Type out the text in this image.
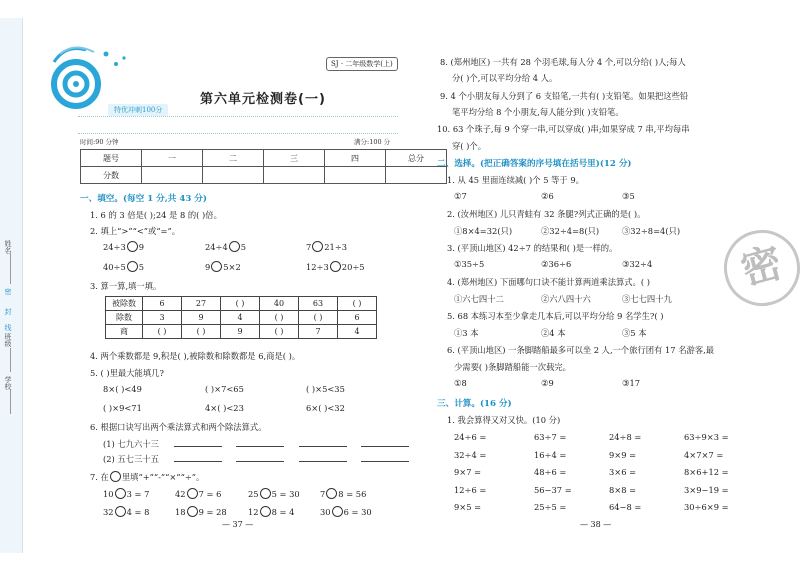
姓名
班级
学校
密
封
线
SJ · 二年级数学(上)
第六单元检测卷(一)
特优冲刺100分
时间:90 分钟	满分:100 分
题号	一	二	三	四	总分
分数					
一、填空。(每空 1 分,共 43 分)
1. 6 的 3 倍是( );24 是 8 的( )倍。
2. 填上“>”“<”或“=”。
24÷3 9	24÷4 5	7 21÷3
40÷5 5	9 5×2	12÷3 20÷5
3. 算一算,填一填。
被除数	6	27	( )	40	63	( )
除数	3	9	4	( )	( )	6
商	( )	( )	9	( )	7	4
4. 两个乘数都是 9,积是( ),被除数和除数都是 6,商是( )。
5. ( )里最大能填几?
8×( )<49	( )×7<65	( )×5<35
( )×9<71	4×( )<23	6×( )<32
6. 根据口诀写出两个乘法算式和两个除法算式。
(1) 七九六十三
(2) 五七三十五
7. 在 里填“+”“-”“×”“÷”。
10 3 = 7	42 7 = 6	25 5 = 30 7 8 = 56
32 4 = 8	18 9 = 28	12 8 = 4	30 6 = 30
— 37 —
8. (郑州地区) 一共有 28 个羽毛球,每人分 4 个,可以分给( )人;每人
分( )个,可以平均分给 4 人。
9. 4 个小朋友每人分到了 6 支铅笔,一共有( )支铅笔。如果把这些铅
笔平均分给 8 个小朋友,每人能分到( )支铅笔。
10. 63 个珠子,每 9 个穿一串,可以穿成( )串;如果穿成 7 串,平均每串
穿( )个。
二、选择。(把正确答案的序号填在括号里)(12 分)
1. 从 45 里面连续减( )个 5 等于 9。
①7	②6	③5
2. (汝州地区) 儿只青蛙有 32 条腿?列式正确的是( )。
①8×4=32(只)	②32÷4=8(只)	③32÷8=4(只)
3. (平顶山地区) 42÷7 的结果和( )是一样的。
①35÷5	②36÷6	③32÷4
4. (郑州地区) 下面哪句口诀不能计算两道乘法算式。( )
①六七四十二	②六八四十六	③七七四十九
5. 68 本练习本至少拿走几本后,可以平均分给 9 名学生?( )
①3 本	②4 本	③5 本
6. (平顶山地区) 一条脚踏船最多可以坐 2 人,一个旅行团有 17 名游客,最
少需要( )条脚踏船能一次载完。
①8	②9	③17
三、计算。(16 分)
1. 我会算得又对又快。(10 分)
24÷6 =	63÷7 =	24÷8 =	63÷9×3 =
32÷4 =	16÷4 =	9×9 =	4×7×7 =
9×7 =	48÷6 =	3×6 =	8×6+12 =
12÷6 =	56−37 =	8×8 =	3×9−19 =
9×5 =	25÷5 =	64−8 =	30÷6×9 =
— 38 —
密
